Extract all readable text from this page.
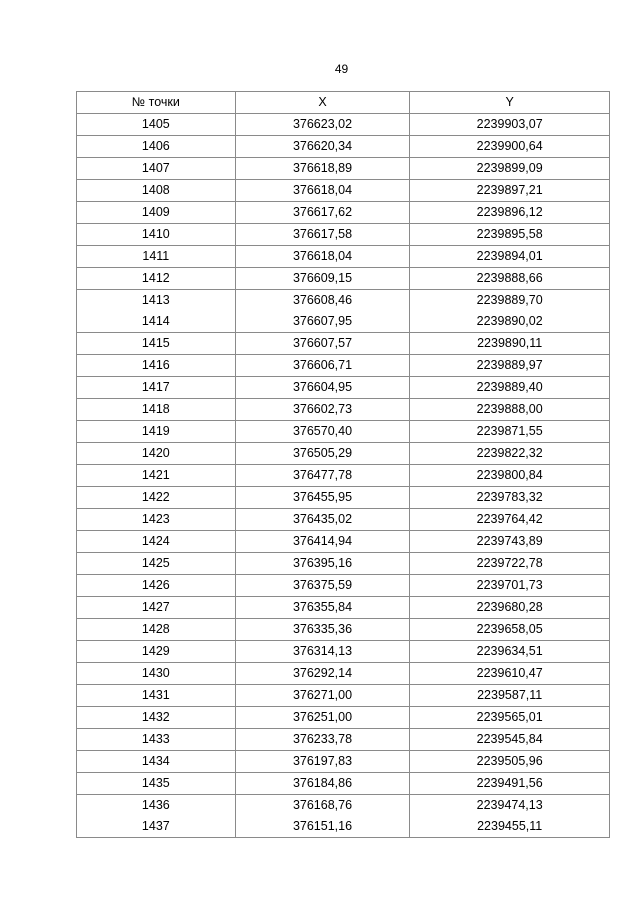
49
№ точки	X	Y
1405	376623,02	2239903,07
1406	376620,34	2239900,64
1407	376618,89	2239899,09
1408	376618,04	2239897,21
1409	376617,62	2239896,12
1410	376617,58	2239895,58
1411	376618,04	2239894,01
1412	376609,15	2239888,66
1413	376608,46	2239889,70
1414	376607,95	2239890,02
1415	376607,57	2239890,11
1416	376606,71	2239889,97
1417	376604,95	2239889,40
1418	376602,73	2239888,00
1419	376570,40	2239871,55
1420	376505,29	2239822,32
1421	376477,78	2239800,84
1422	376455,95	2239783,32
1423	376435,02	2239764,42
1424	376414,94	2239743,89
1425	376395,16	2239722,78
1426	376375,59	2239701,73
1427	376355,84	2239680,28
1428	376335,36	2239658,05
1429	376314,13	2239634,51
1430	376292,14	2239610,47
1431	376271,00	2239587,11
1432	376251,00	2239565,01
1433	376233,78	2239545,84
1434	376197,83	2239505,96
1435	376184,86	2239491,56
1436	376168,76	2239474,13
1437	376151,16	2239455,11
